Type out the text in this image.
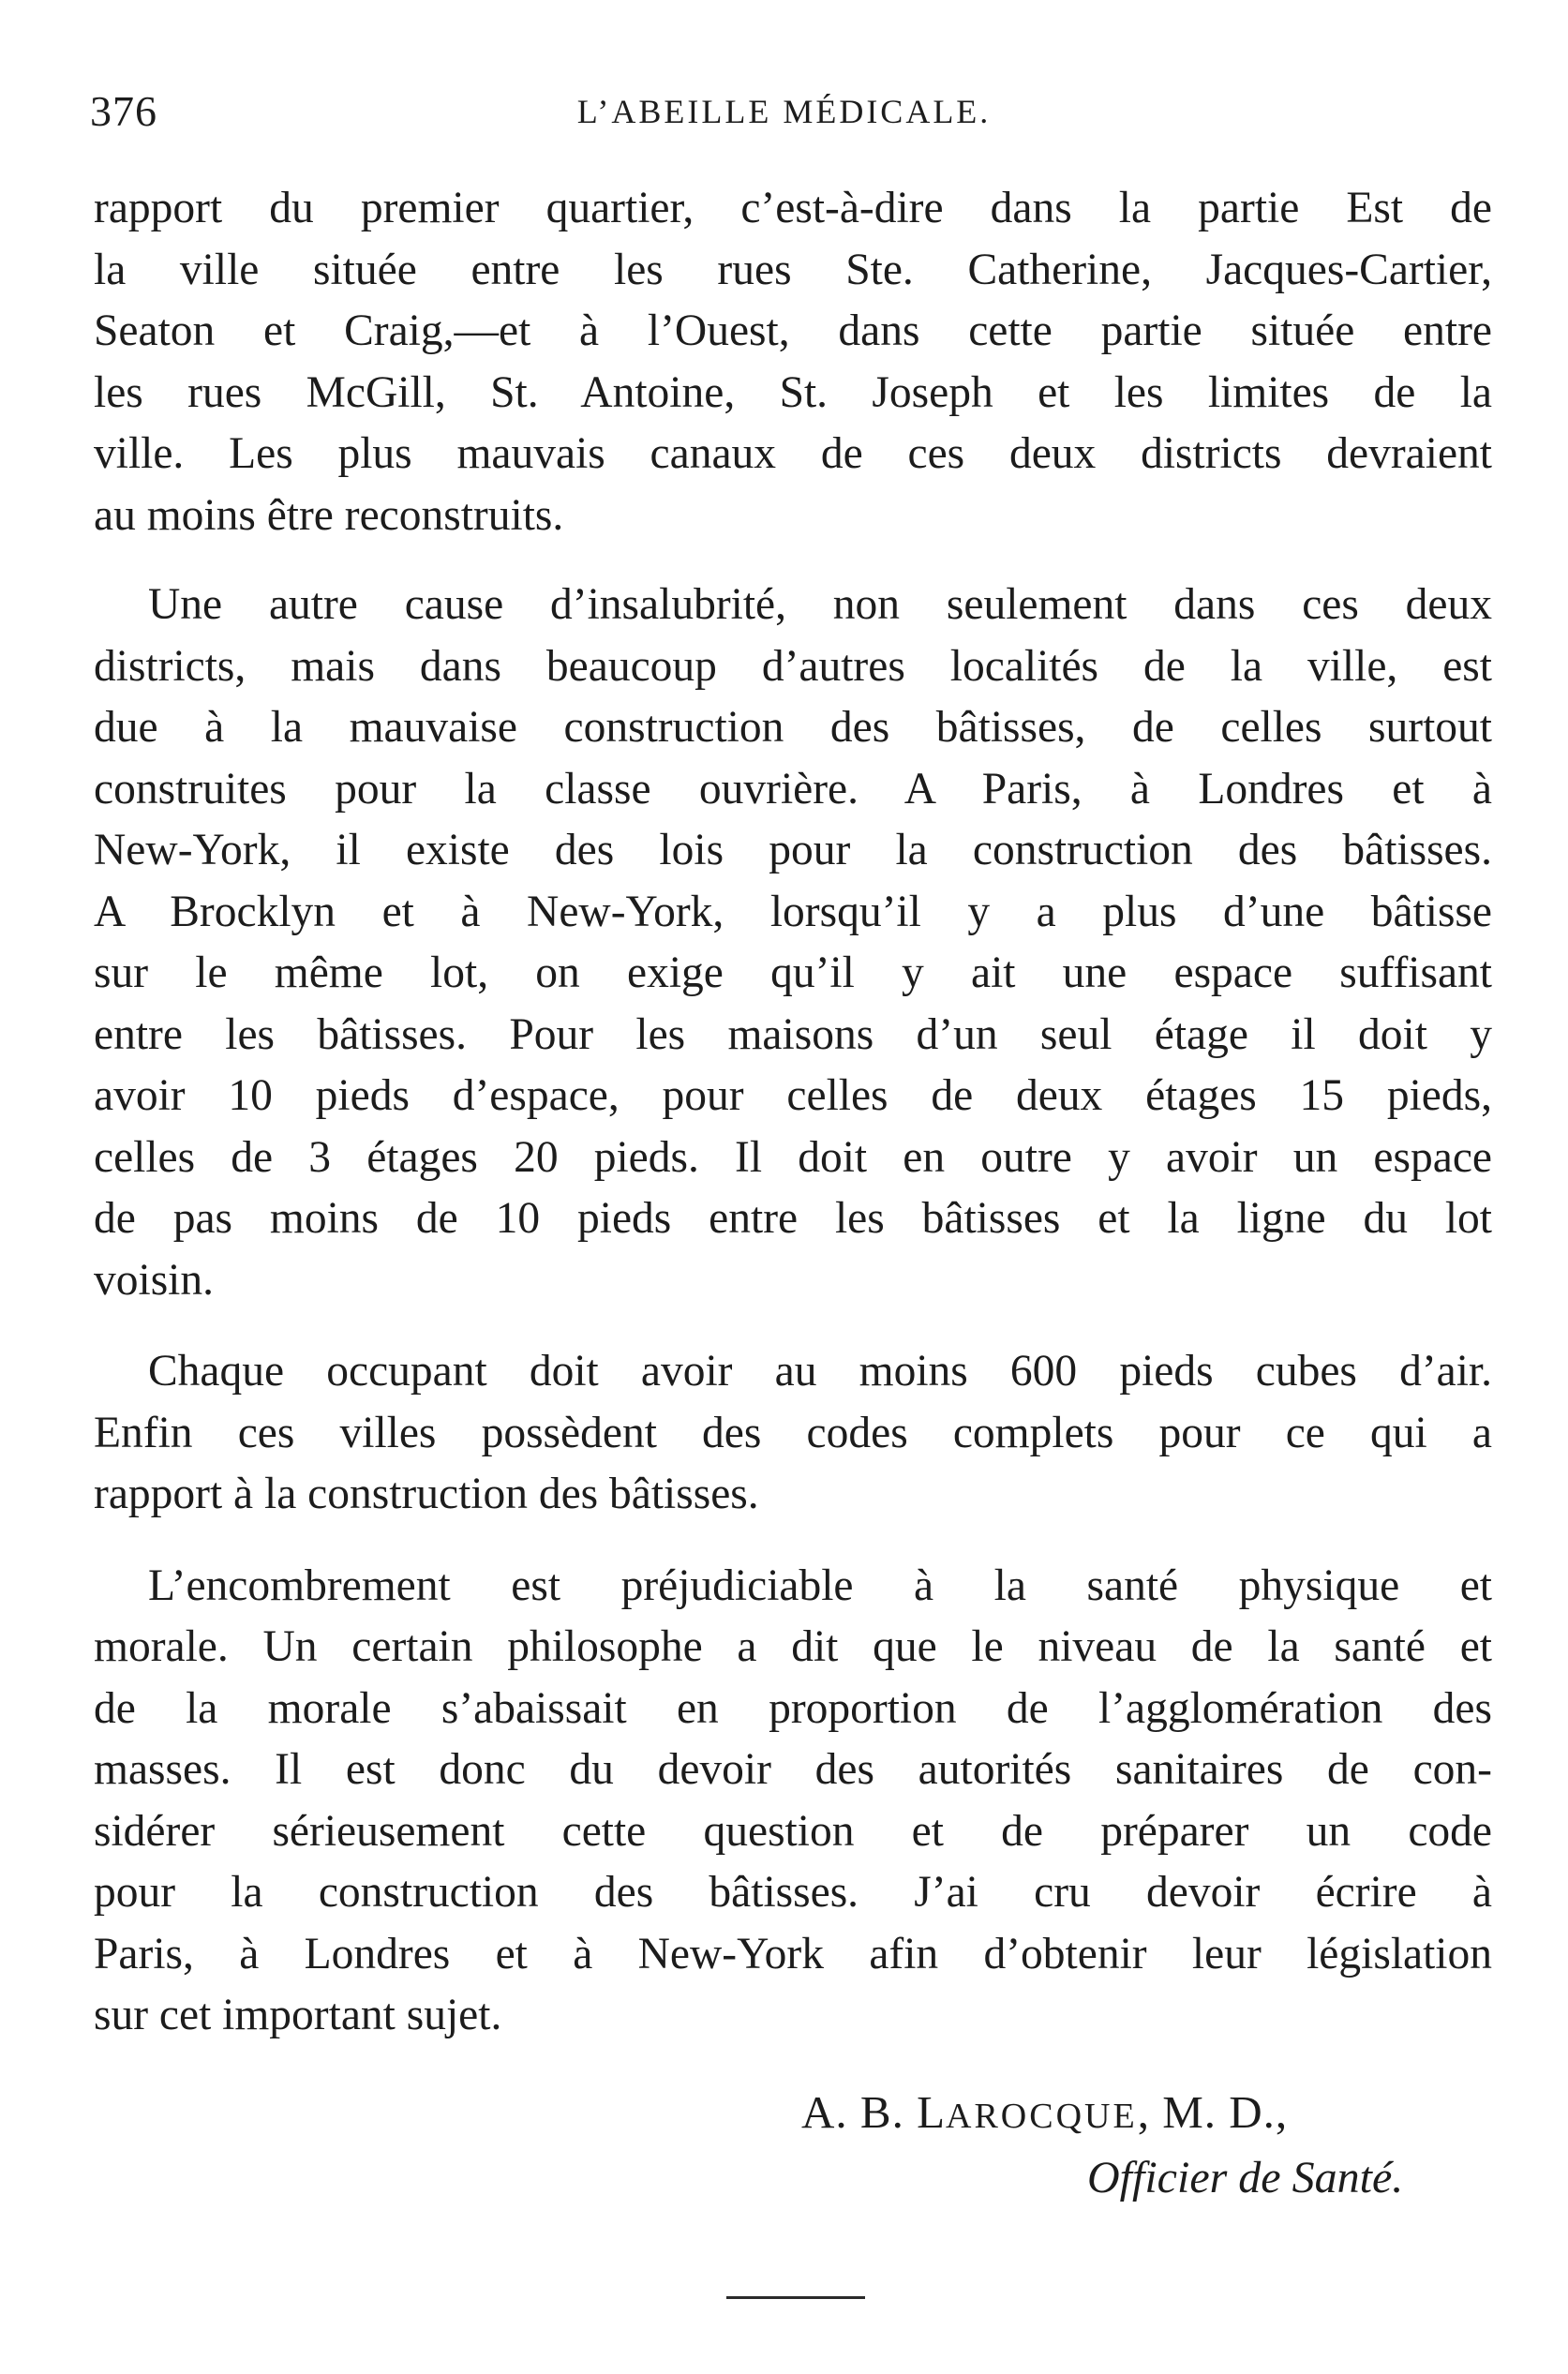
376	L’ABEILLE MÉDICALE.

rapport du premier quartier, c’est-à-dire dans la partie Est de
la ville située entre les rues Ste. Catherine, Jacques-Cartier,
Seaton et Craig,—et à l’Ouest, dans cette partie située entre
les rues McGill, St. Antoine, St. Joseph et les limites de la
ville. Les plus mauvais canaux de ces deux districts devraient
au moins être reconstruits.

Une autre cause d’insalubrité, non seulement dans ces deux
districts, mais dans beaucoup d’autres localités de la ville, est
due à la mauvaise construction des bâtisses, de celles surtout
construites pour la classe ouvrière. A Paris, à Londres et à
New-York, il existe des lois pour la construction des bâtisses.
A Brocklyn et à New-York, lorsqu’il y a plus d’une bâtisse
sur le même lot, on exige qu’il y ait une espace suffisant
entre les bâtisses. Pour les maisons d’un seul étage il doit y
avoir 10 pieds d’espace, pour celles de deux étages 15 pieds,
celles de 3 étages 20 pieds. Il doit en outre y avoir un espace
de pas moins de 10 pieds entre les bâtisses et la ligne du lot
voisin.

Chaque occupant doit avoir au moins 600 pieds cubes d’air.
Enfin ces villes possèdent des codes complets pour ce qui a
rapport à la construction des bâtisses.

L’encombrement est préjudiciable à la santé physique et
morale. Un certain philosophe a dit que le niveau de la santé et
de la morale s’abaissait en proportion de l’agglomération des
masses. Il est donc du devoir des autorités sanitaires de con-
sidérer sérieusement cette question et de préparer un code
pour la construction des bâtisses. J’ai cru devoir écrire à
Paris, à Londres et à New-York afin d’obtenir leur législation
sur cet important sujet.

A. B. LAROCQUE, M. D.,
Officier de Santé.
